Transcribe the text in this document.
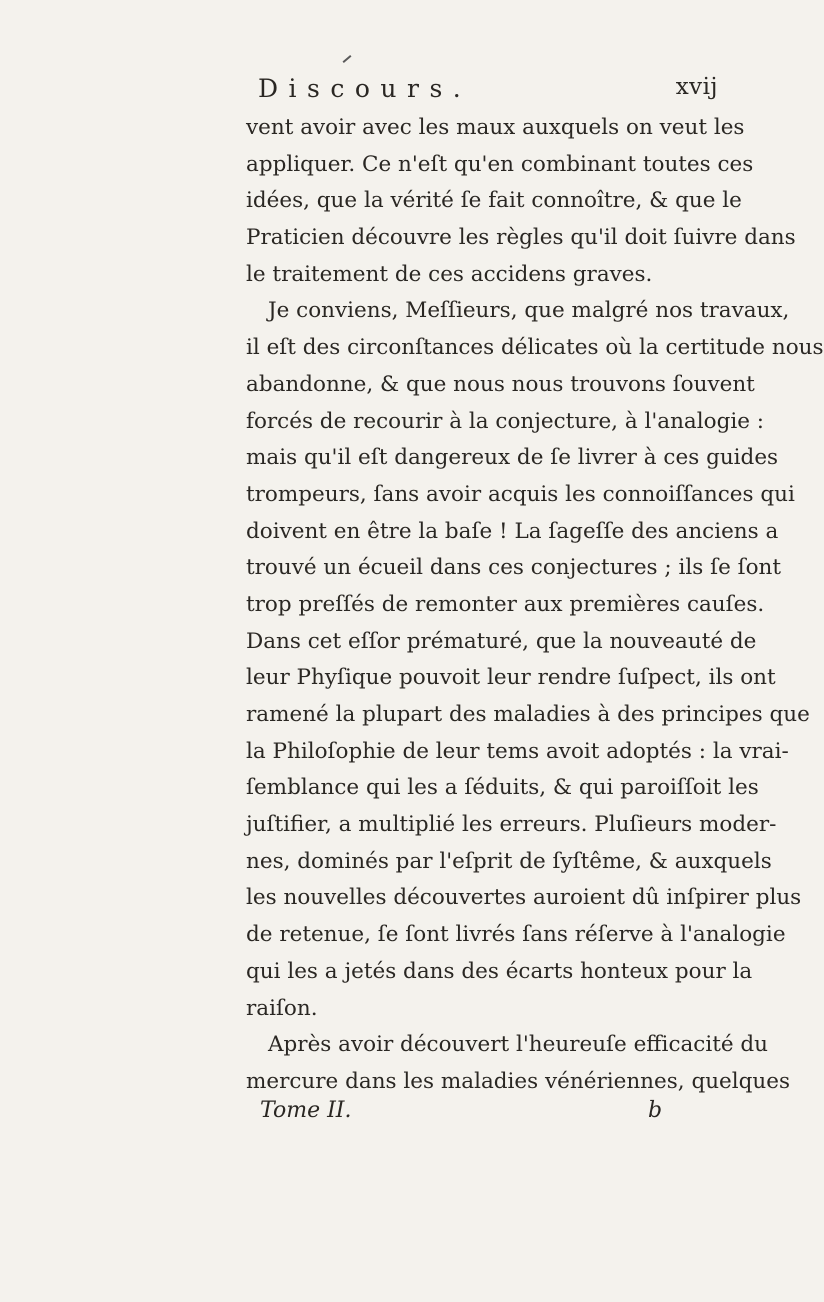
Discours.	xvij
vent avoir avec les maux auxquels on veut les
appliquer. Ce n'eſt qu'en combinant toutes ces
idées, que la vérité ſe fait connoître, & que le
Praticien découvre les règles qu'il doit ſuivre dans
le traitement de ces accidens graves.
Je conviens, Meſſieurs, que malgré nos travaux,
il eſt des circonſtances délicates où la certitude nous
abandonne, & que nous nous trouvons ſouvent
forcés de recourir à la conjecture, à l'analogie :
mais qu'il eſt dangereux de ſe livrer à ces guides
trompeurs, ſans avoir acquis les connoiſſances qui
doivent en être la baſe ! La ſageſſe des anciens a
trouvé un écueil dans ces conjectures ; ils ſe ſont
trop preſſés de remonter aux premières cauſes.
Dans cet eſſor prématuré, que la nouveauté de
leur Phyſique pouvoit leur rendre ſuſpect, ils ont
ramené la plupart des maladies à des principes que
la Philoſophie de leur tems avoit adoptés : la vrai-
ſemblance qui les a ſéduits, & qui paroiſſoit les
juſtifier, a multiplié les erreurs. Pluſieurs moder-
nes, dominés par l'eſprit de ſyſtême, & auxquels
les nouvelles découvertes auroient dû inſpirer plus
de retenue, ſe ſont livrés ſans réſerve à l'analogie
qui les a jetés dans des écarts honteux pour la
raiſon.
Après avoir découvert l'heureuſe efficacité du
mercure dans les maladies vénériennes, quelques
Tome II.	b
